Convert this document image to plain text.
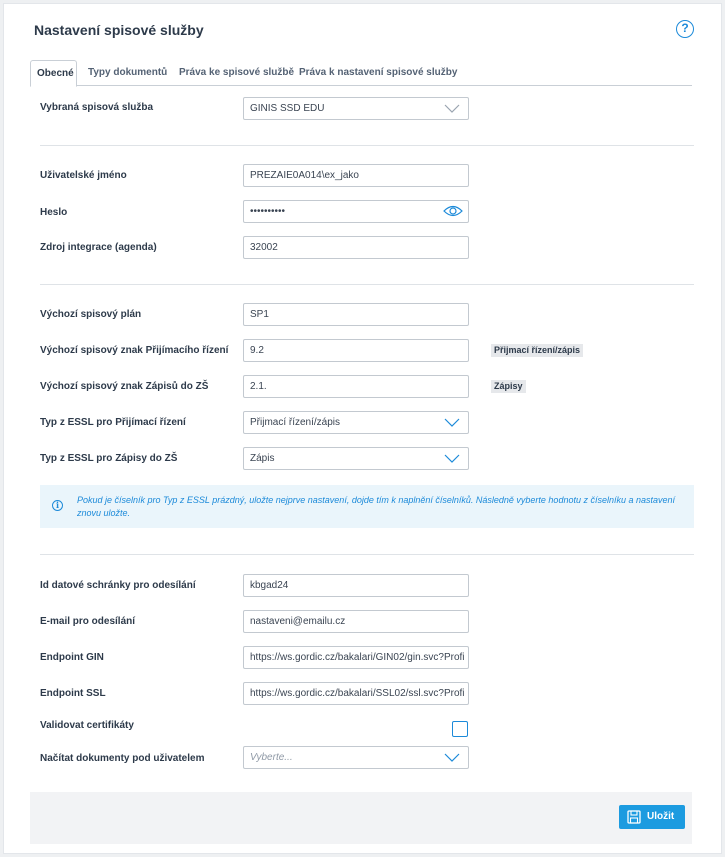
Nastavení spisové služby	?
Obecné	Typy dokumentů	Práva ke spisové službě Práva k nastavení spisové služby
Vybraná spisová služba	GINIS SSD EDU
Uživatelské jméno	PREZAIE0A014\ex_jako
Heslo	••••••••••
Zdroj integrace (agenda)	32002
Výchozí spisový plán	SP1
Výchozí spisový znak Přijímacího řízení	9.2	Přijmací řízení/zápis
Výchozí spisový znak Zápisů do ZŠ	2.1.	Zápisy
Typ z ESSL pro Přijímací řízení	Přijmací řízení/zápis
Typ z ESSL pro Zápisy do ZŠ	Zápis
i	Pokud je číselník pro Typ z ESSL prázdný, uložte nejprve nastavení, dojde tím k naplnění číselníků. Následně vyberte hodnotu z číselníku a nastavení znovu uložte.
Id datové schránky pro odesílání	kbgad24
E-mail pro odesílání	nastaveni@emailu.cz
Endpoint GIN	https://ws.gordic.cz/bakalari/GIN02/gin.svc?Profi
Endpoint SSL	https://ws.gordic.cz/bakalari/SSL02/ssl.svc?Profi
Validovat certifikáty
Načítat dokumenty pod uživatelem	Vyberte...
Uložit
